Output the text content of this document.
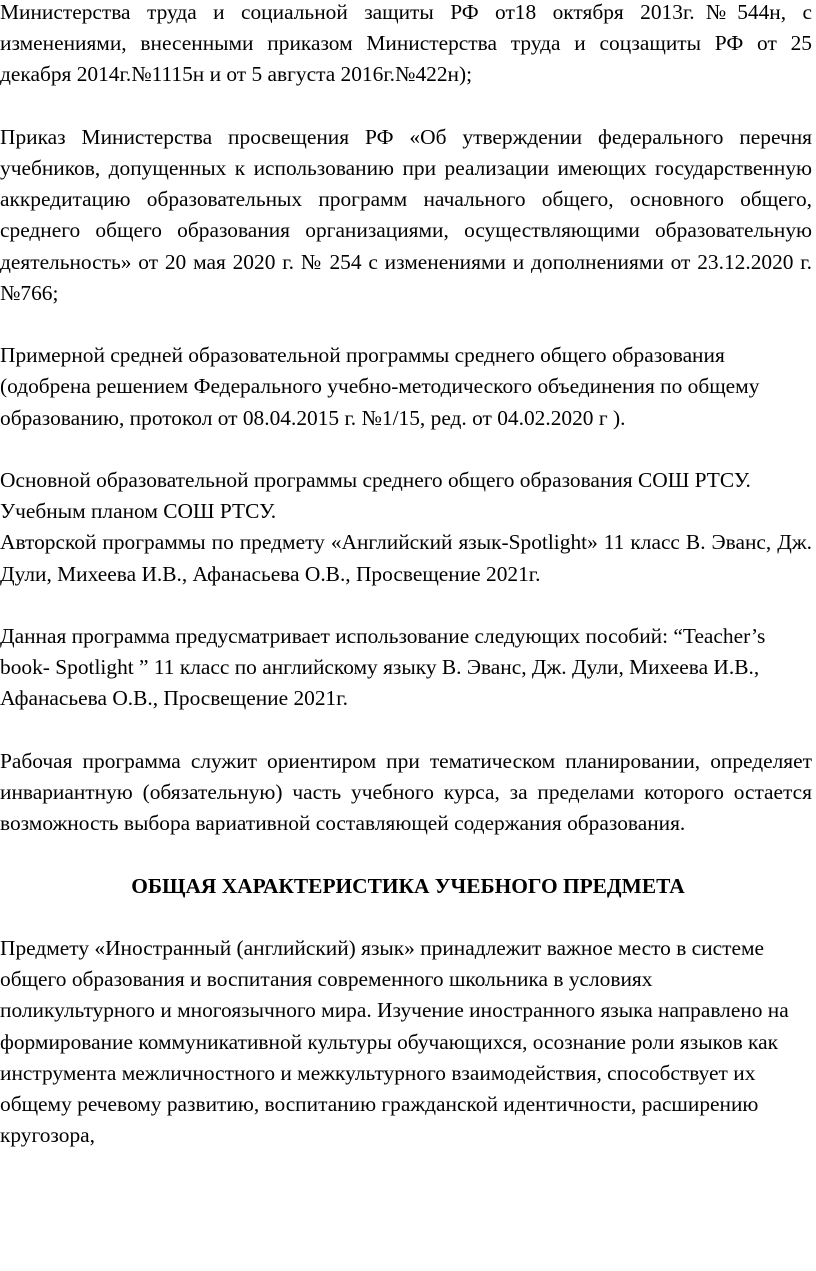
Министерства труда и социальной защиты РФ от18 октября 2013г.№544н, с изменениями, внесенными приказом Министерства труда и соцзащиты РФ от 25 декабря 2014г.№1115н и от 5 августа 2016г.№422н);

Приказ Министерства просвещения РФ «Об утверждении федерального перечня учебников, допущенных к использованию при реализации имеющих государственную аккредитацию образовательных программ начального общего, основного общего, среднего общего образования организациями, осуществляющими образовательную деятельность» от 20 мая 2020 г. № 254 с изменениями и дополнениями от 23.12.2020 г. №766;

Примерной средней образовательной программы среднего общего образования (одобрена решением Федерального учебно-методического объединения по общему образованию, протокол от 08.04.2015 г. №1/15, ред. от 04.02.2020 г ).

Основной образовательной программы среднего общего образования СОШ РТСУ.

Учебным планом СОШ РТСУ.

Авторской программы по предмету «Английский язык-Spotlight» 11 класс В. Эванс, Дж. Дули, Михеева И.В., Афанасьева О.В., Просвещение 2021г.

Данная программа предусматривает использование следующих пособий: “Teacher’s book- Spotlight ” 11 класс по английскому языку В. Эванс, Дж. Дули, Михеева И.В., Афанасьева О.В., Просвещение 2021г.

Рабочая программа служит ориентиром при тематическом планировании, определяет инвариантную (обязательную) часть учебного курса, за пределами которого остается возможность выбора вариативной составляющей содержания образования.

ОБЩАЯ ХАРАКТЕРИСТИКА УЧЕБНОГО ПРЕДМЕТА

Предмету «Иностранный (английский) язык» принадлежит важное место в системе общего образования и воспитания современного школьника в условиях поликультурного и многоязычного мира. Изучение иностранного языка направлено на формирование коммуникативной культуры обучающихся, осознание роли языков как инструмента межличностного и межкультурного взаимодействия, способствует их общему речевому развитию, воспитанию гражданской идентичности, расширению кругозора,
